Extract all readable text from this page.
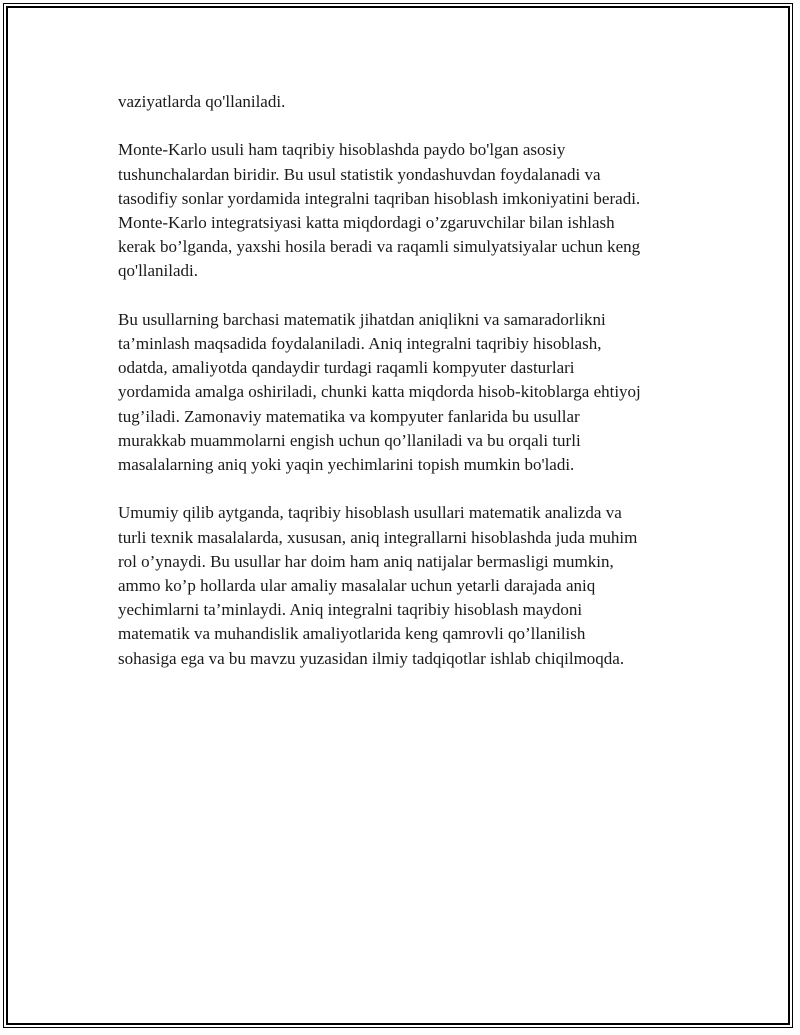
vaziyatlarda qo'llaniladi.

Monte-Karlo usuli ham taqribiy hisoblashda paydo bo'lgan asosiy
tushunchalardan biridir. Bu usul statistik yondashuvdan foydalanadi va
tasodifiy sonlar yordamida integralni taqriban hisoblash imkoniyatini beradi.
Monte-Karlo integratsiyasi katta miqdordagi o’zgaruvchilar bilan ishlash
kerak bo’lganda, yaxshi hosila beradi va raqamli simulyatsiyalar uchun keng
qo'llaniladi.

Bu usullarning barchasi matematik jihatdan aniqlikni va samaradorlikni
ta’minlash maqsadida foydalaniladi. Aniq integralni taqribiy hisoblash,
odatda, amaliyotda qandaydir turdagi raqamli kompyuter dasturlari
yordamida amalga oshiriladi, chunki katta miqdorda hisob-kitoblarga ehtiyoj
tug’iladi. Zamonaviy matematika va kompyuter fanlarida bu usullar
murakkab muammolarni engish uchun qo’llaniladi va bu orqali turli
masalalarning aniq yoki yaqin yechimlarini topish mumkin bo'ladi.

Umumiy qilib aytganda, taqribiy hisoblash usullari matematik analizda va
turli texnik masalalarda, xususan, aniq integrallarni hisoblashda juda muhim
rol o’ynaydi. Bu usullar har doim ham aniq natijalar bermasligi mumkin,
ammo ko’p hollarda ular amaliy masalalar uchun yetarli darajada aniq
yechimlarni ta’minlaydi. Aniq integralni taqribiy hisoblash maydoni
matematik va muhandislik amaliyotlarida keng qamrovli qo’llanilish
sohasiga ega va bu mavzu yuzasidan ilmiy tadqiqotlar ishlab chiqilmoqda.
